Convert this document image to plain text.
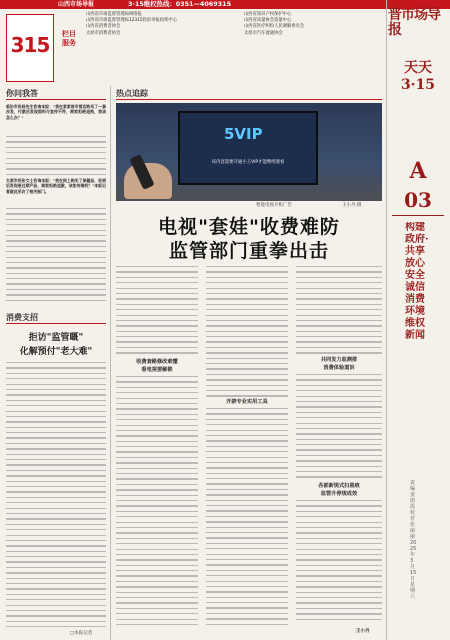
山西市场导报	3·15维权热线：0351—4069315
315	栏目服务
山西省市场监督管理局网络报
山西省市场监督管理局12315投诉举报指挥中心
山西省消费者协会
太原市消费者协会
山西省知识产权保护中心
山西省质量协会质量中心
山西省医疗纠纷人民调解委员会
太原市汽车流通协会
晋市场导报
天天3·15
A
03
构建政府·共享放心安全诚信消费环境维权新闻
责编 姜雨霞 校对 张丽丽 2025年3月15日 星期六
你问我答
临汾市民杨先生咨询本报："我在某家居专营店购买了一套沙发，付款后发现面料与宣传不符，商家拒绝退换，我该怎么办？"
太原市民张女士咨询本报："我在网上购买了保健品，收到后发现是过期产品，商家拒绝退款，该如何维权？"本报记者就此采访了相关部门。
消费支招
拒访"监管嘅"
化解预付"老大难"
□本报记者
热点追踪
5VIP
该内容需要开通小王VIP才能继续观看
智能电视开机广告	王小丹 摄
电视"套娃"收费难防
监管部门重拳出击
收费套路修改难懂
看电视要解锁
开辟专业实用工具
共同发力监测排
消费体验道诉
各部新规式扫恩痕
监管升停规成效
王小丹
